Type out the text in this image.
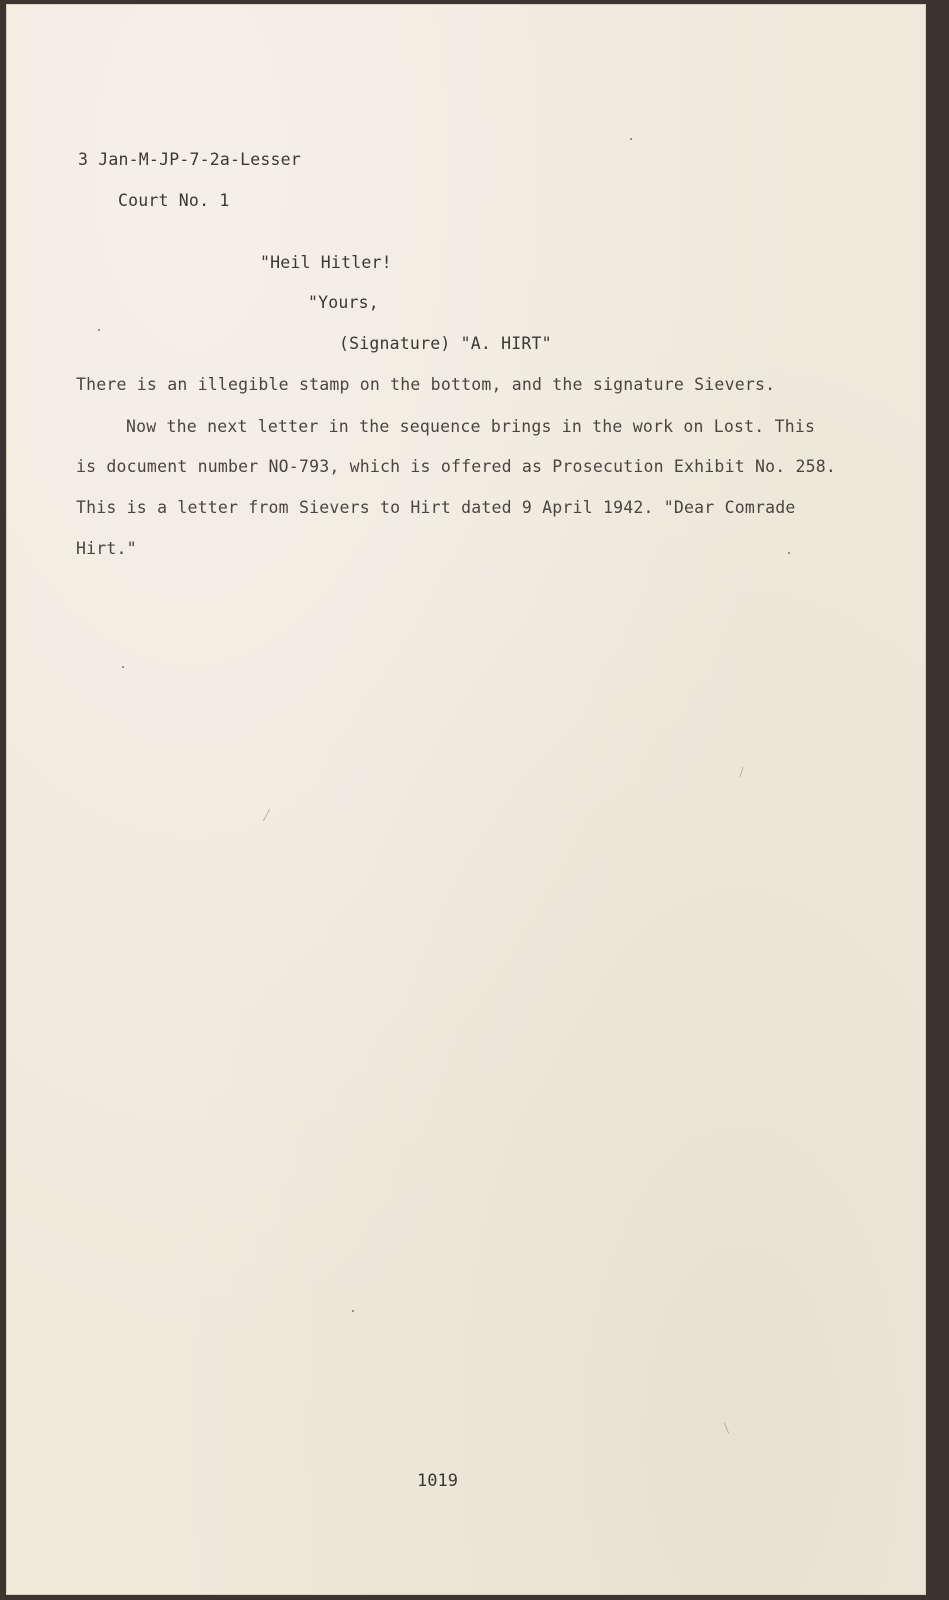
3 Jan-M-JP-7-2a-Lesser
Court No. 1
"Heil Hitler!
"Yours,
(Signature) "A. HIRT"
There is an illegible stamp on the bottom, and the signature Sievers.
Now the next letter in the sequence brings in the work on Lost. This
is document number NO-793, which is offered as Prosecution Exhibit No. 258.
This is a letter from Sievers to Hirt dated 9 April 1942. "Dear Comrade
Hirt."
1019
